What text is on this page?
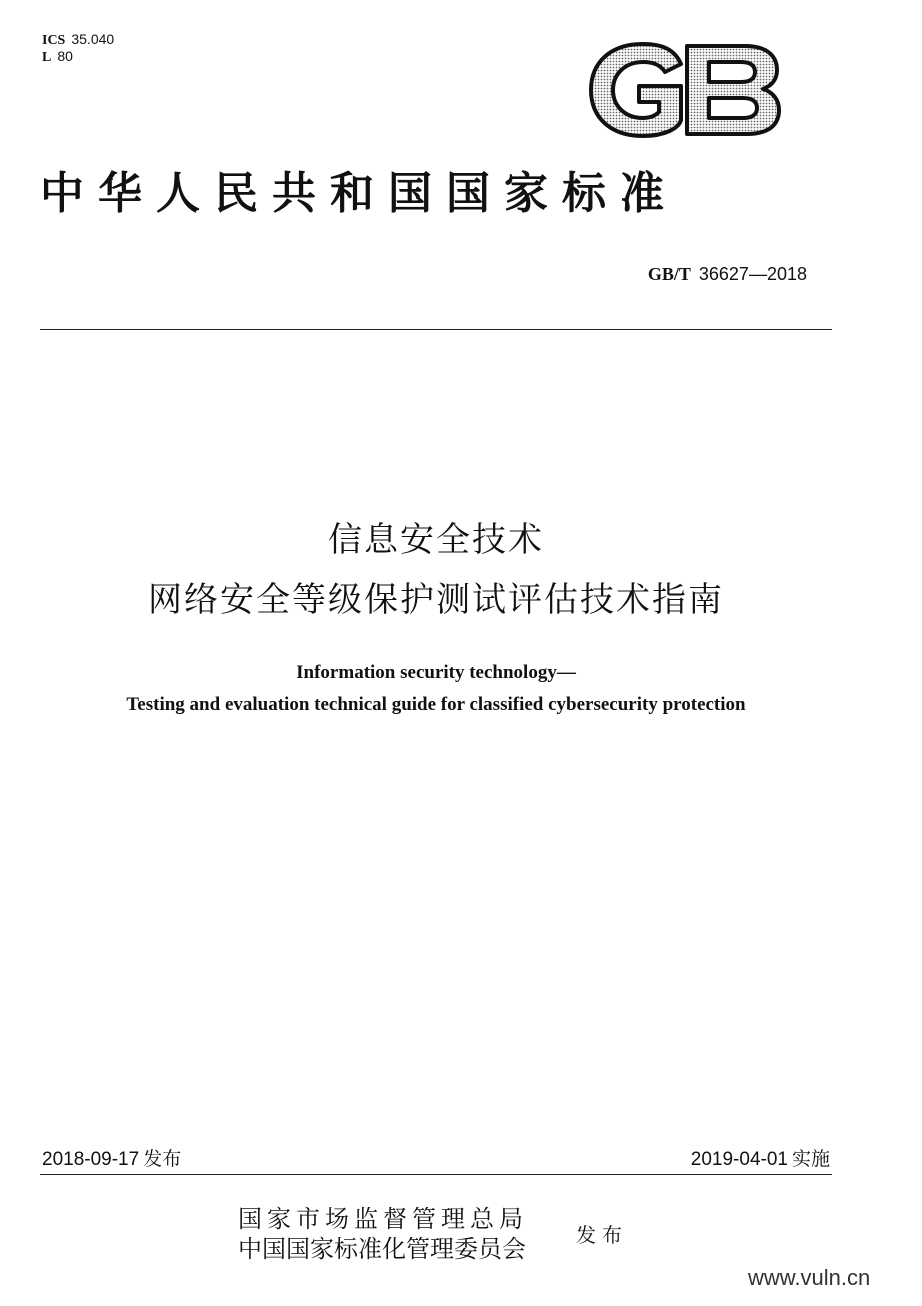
ICS 35.040
L 80
中华人民共和国国家标准
GB/T 36627—2018
信息安全技术
网络安全等级保护测试评估技术指南
Information security technology—
Testing and evaluation technical guide for classified cybersecurity protection
2018-09-17 发布	2019-04-01 实施
国家市场监督管理总局
中国国家标准化管理委员会	发布
www.vuln.cn
